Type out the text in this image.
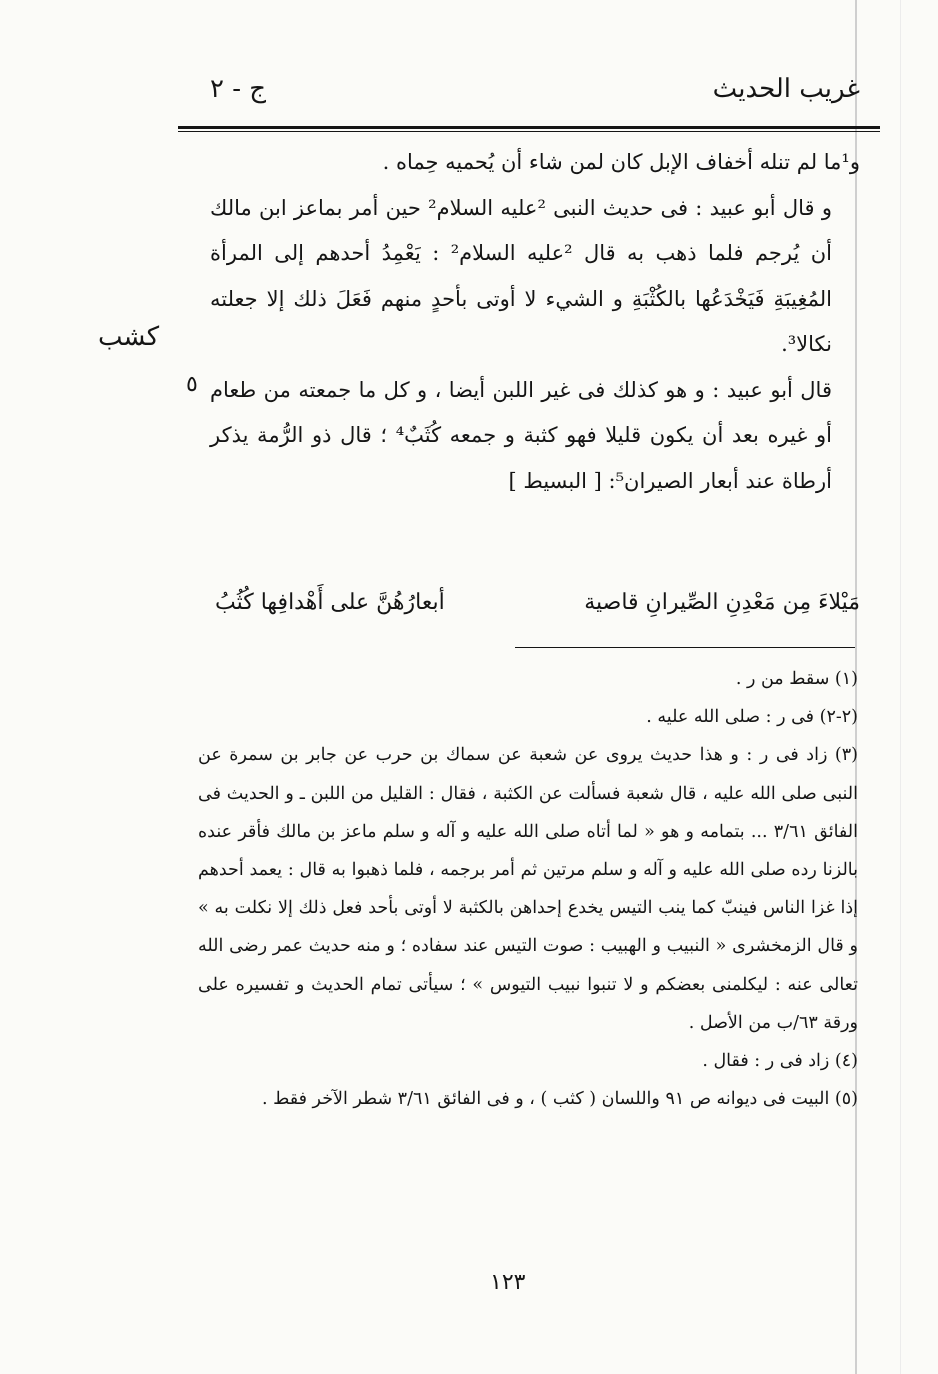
غريب الحديث
ج - ٢
كشب
٥

و¹ما لم تنله أخفاف الإبل كان لمن شاء أن يُحميه حِماه .

و قال أبو عبيد : فى حديث النبى ²عليه السلام² حين أمر بماعز ابن مالك أن يُرجم فلما ذهب به قال ²عليه السلام² : يَعْمِدُ أحدهم إلى المرأة المُغِيبَةِ فَيَخْدَعُها بالكُثْبَةِ و الشيء لا أوتى بأحدٍ منهم فَعَلَ ذلك إلا جعلته نكالا³.

قال أبو عبيد : و هو كذلك فى غير اللبن أيضا ، و كل ما جمعته من طعام أو غيره بعد أن يكون قليلا فهو كثبة و جمعه كُثَبٌ⁴ ؛ قال ذو الرُّمة يذكر أرطاة عند أبعار الصيران⁵: [ البسيط ]

مَيْلاءَ مِن مَعْدِنِ الصِّيرانِ قاصية
أبعارُهُنَّ على أَهْدافِها كُثُبُ

(١) سقط من ر .

(٢-٢) فى ر : صلى الله عليه .

(٣) زاد فى ر : و هذا حديث يروى عن شعبة عن سماك بن حرب عن جابر بن سمرة عن النبى صلى الله عليه ، قال شعبة فسألت عن الكثبة ، فقال : القليل من اللبن ـ و الحديث فى الفائق ٣/٦١ ... بتمامه و هو « لما أتاه صلى الله عليه و آله و سلم ماعز بن مالك فأقر عنده بالزنا رده صلى الله عليه و آله و سلم مرتين ثم أمر برجمه ، فلما ذهبوا به قال : يعمد أحدهم إذا غزا الناس فينبّ كما ينب التيس يخدع إحداهن بالكثبة لا أوتى بأحد فعل ذلك إلا نكلت به » و قال الزمخشرى « النبيب و الهبيب : صوت التيس عند سفاده ؛ و منه حديث عمر رضى الله تعالى عنه : ليكلمنى بعضكم و لا تنبوا نبيب التيوس » ؛ سيأتى تمام الحديث و تفسيره على ورقة ٦٣/ب من الأصل .

(٤) زاد فى ر : فقال .

(٥) البيت فى ديوانه ص ٩١ واللسان ( كثب ) ، و فى الفائق ٣/٦١ شطر الآخر فقط .

١٢٣
